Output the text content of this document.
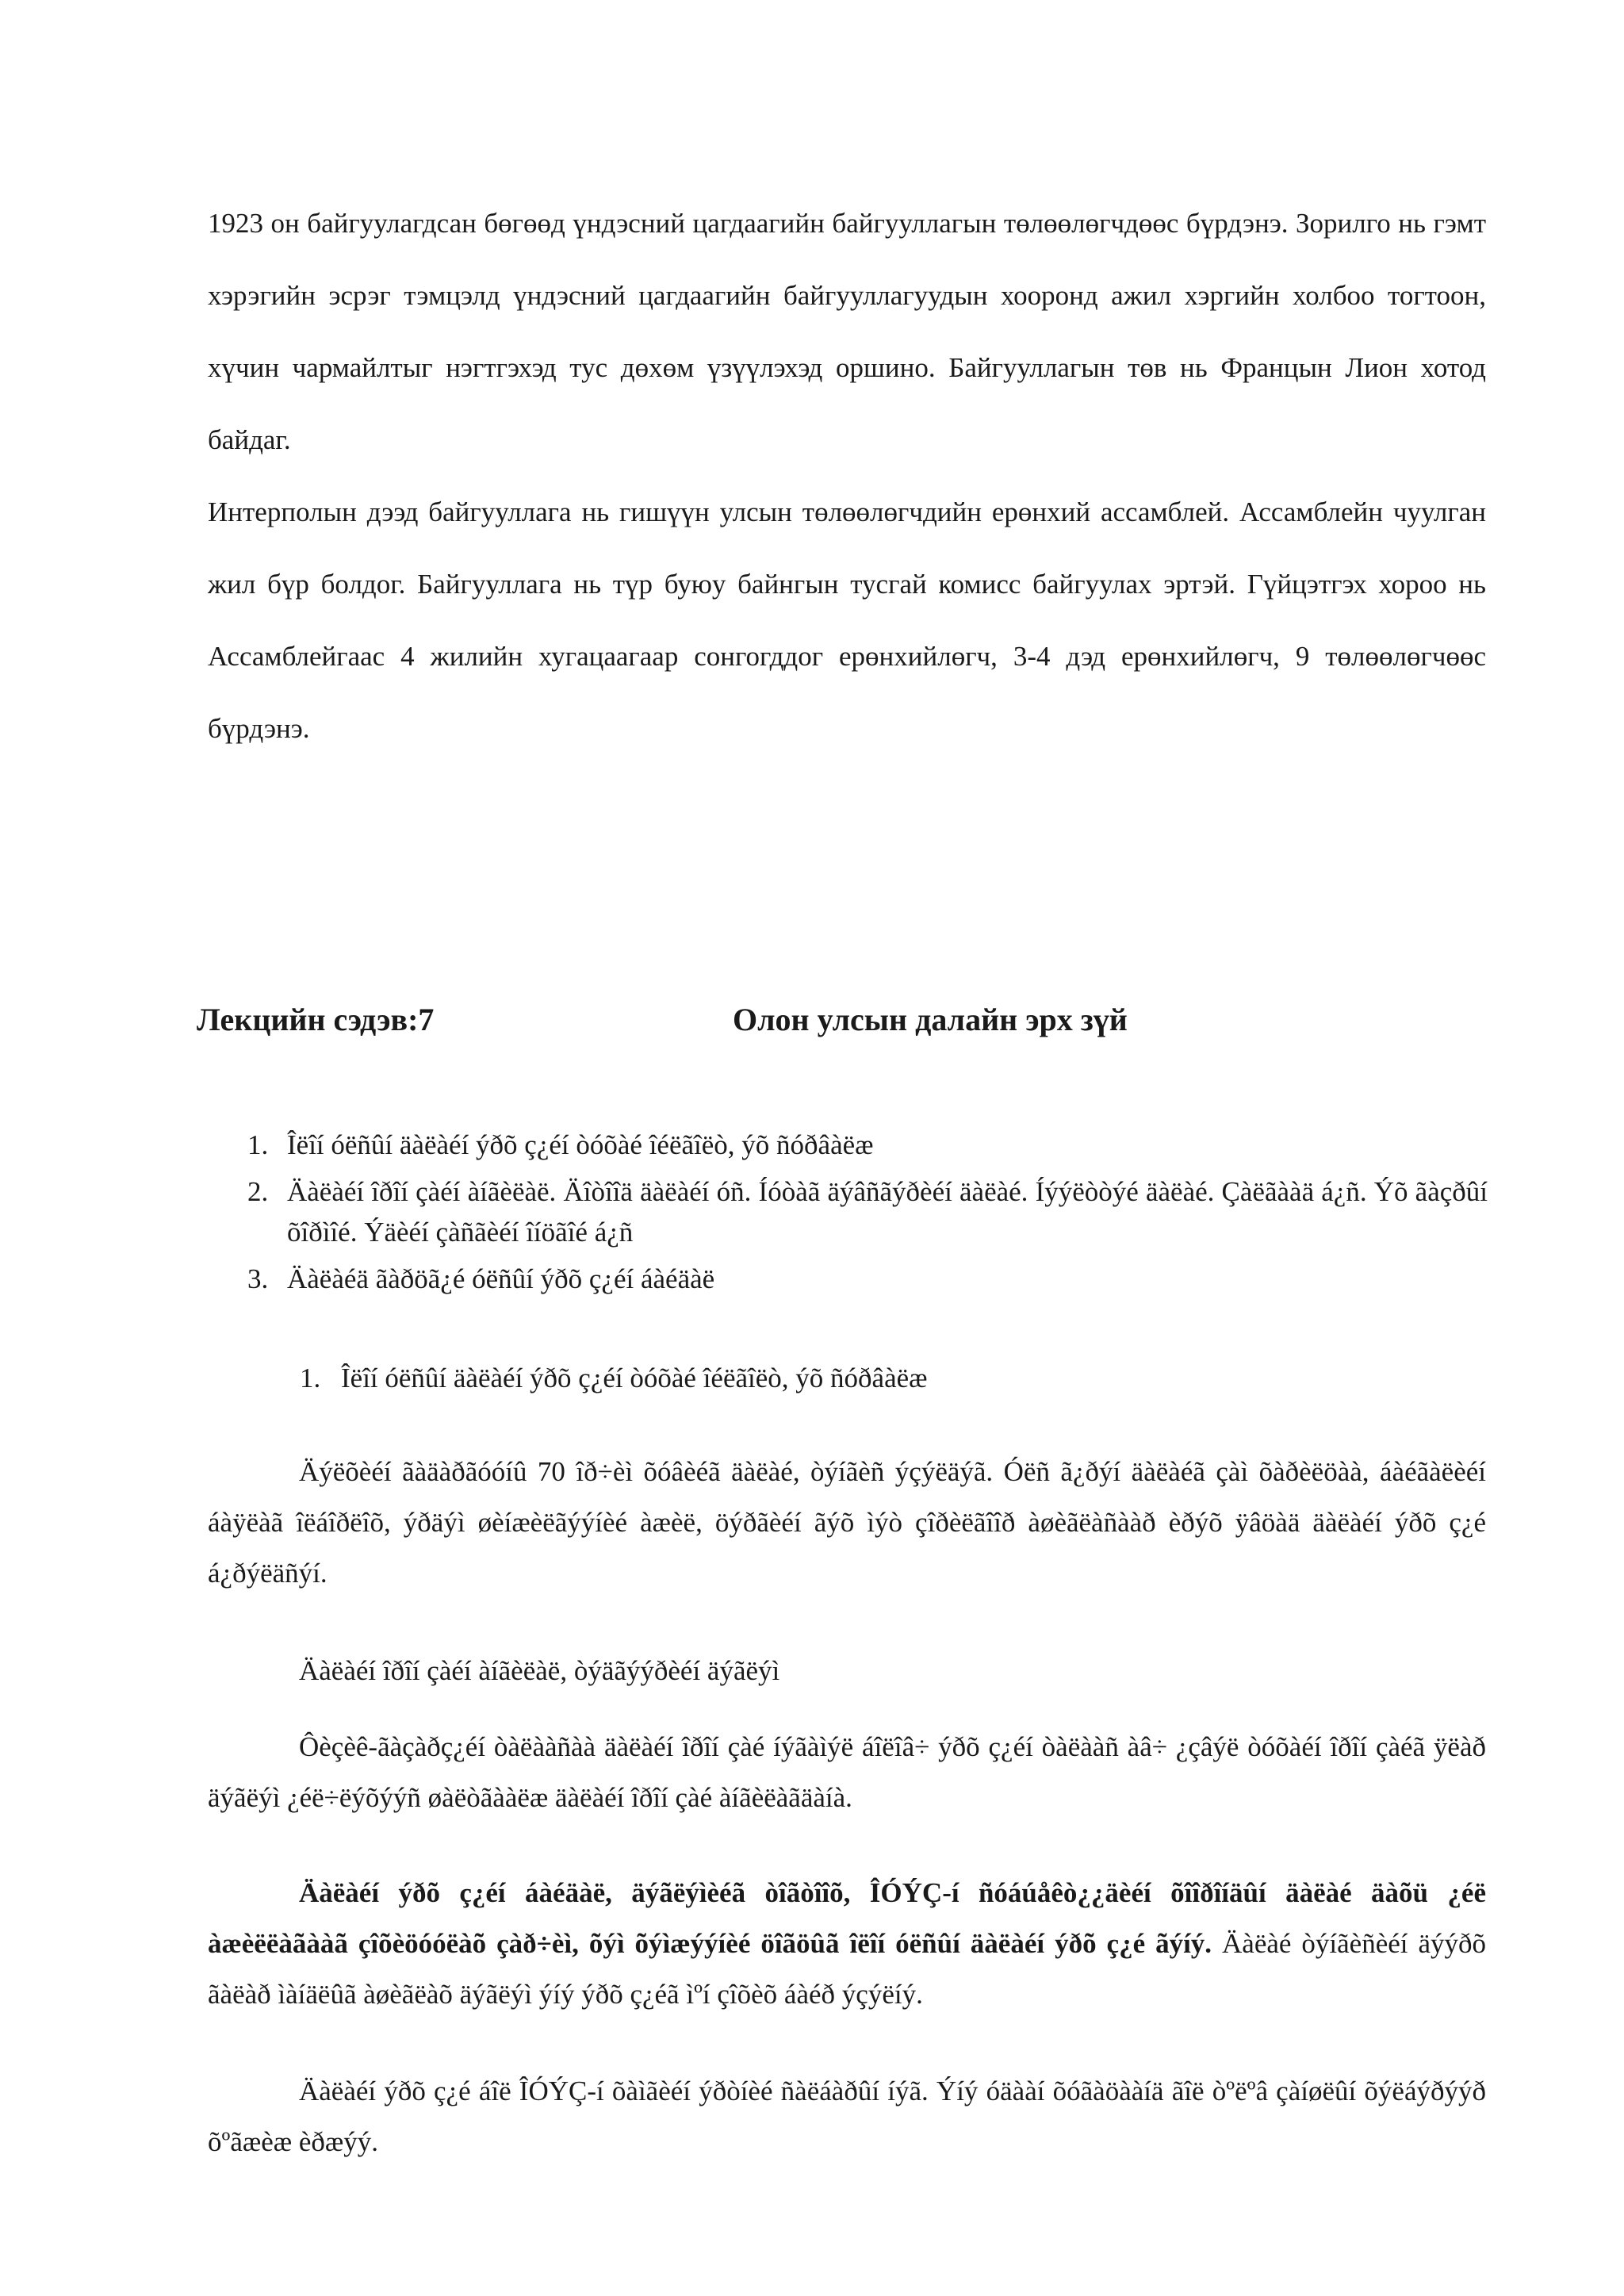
1923 он байгуулагдсан бөгөөд үндэсний цагдаагийн байгууллагын төлөөлөгчдөөс бүрдэнэ. Зорилго нь гэмт хэрэгийн эсрэг тэмцэлд үндэсний цагдаагийн байгууллагуудын хооронд ажил хэргийн холбоо тогтоон, хүчин чармайлтыг нэгтгэхэд тус дөхөм үзүүлэхэд оршино. Байгууллагын төв нь Францын Лион хотод байдаг.

Интерполын дээд байгууллага нь гишүүн улсын төлөөлөгчдийн ерөнхий ассамблей. Ассамблейн чуулган жил бүр болдог. Байгууллага нь түр буюу байнгын тусгай комисс байгуулах эртэй. Гүйцэтгэх хороо нь Ассамблейгаас 4 жилийн хугацаагаар сонгогддог ерөнхийлөгч, 3-4 дэд ерөнхийлөгч, 9 төлөөлөгчөөс бүрдэнэ.

Лекцийн сэдэв:7	Олон улсын далайн эрх зүй
1. Îëîí óëñûí äàëàéí ýðõ ç¿éí òóõàé îéëãîëò, ýõ ñóðâàëæ
2. Äàëàéí îðîí çàéí àíãèëàë. Äîòîîä äàëàéí óñ. Íóòàã äýâñãýðèéí äàëàé. Íýýëòòýé äàëàé. Çàëãààä á¿ñ. Ýõ ãàçðûí õîðìîé. Ýäèéí çàñãèéí îíöãîé á¿ñ
3. Äàëàéä ãàðöã¿é óëñûí ýðõ ç¿éí áàéäàë
1. Îëîí óëñûí äàëàéí ýðõ ç¿éí òóõàé îéëãîëò, ýõ ñóðâàëæ

Äýëõèéí ãàäàðãóóíû 70 îð÷èì õóâèéã äàëàé, òýíãèñ ýçýëäýã. Óëñ ã¿ðýí äàëàéã çàì õàðèëöàà, áàéãàëèéí áàÿëàã îëáîðëîõ, ýðäýì øèíæèëãýýíèé àæèë, öýðãèéí ãýõ ìýò çîðèëãîîð àøèãëàñààð èðýõ ÿâöàä äàëàéí ýðõ ç¿é á¿ðýëäñýí.

Äàëàéí îðîí çàéí àíãèëàë, òýäãýýðèéí äýãëýì

Ôèçèê-ãàçàðç¿éí òàëààñàà äàëàéí îðîí çàé íýãàìýë áîëîâ÷ ýðõ ç¿éí òàëààñ àâ÷ ¿çâýë òóõàéí îðîí çàéã ÿëàð äýãëýì ¿éë÷ëýõýýñ øàëòãààëæ äàëàéí îðîí çàé àíãèëàãäàíà.

Äàëàéí ýðõ ç¿éí áàéäàë, äýãëýìèéã òîãòîîõ, ÎÓÝÇ-í ñóáúåêò¿¿äèéí õîîðîíäûí äàëàé äàõü ¿éë àæèëëàãààã çîõèöóóëàõ çàð÷èì, õýì õýìæýýíèé öîãöûã îëîí óëñûí äàëàéí ýðõ ç¿é ãýíý. Äàëàé òýíãèñèéí äýýðõ ãàëàð ìàíäëûã àøèãëàõ äýãëýì ýíý ýðõ ç¿éã ìºí çîõèõ áàéð ýçýëíý.

Äàëàéí ýðõ ç¿é áîë ÎÓÝÇ-í õàìãèéí ýðòíèé ñàëáàðûí íýã. Ýíý óäààí õóãàöààíä ãîë òºëºâ çàíøëûí õýëáýðýýð õºãæèæ èðæýý.
